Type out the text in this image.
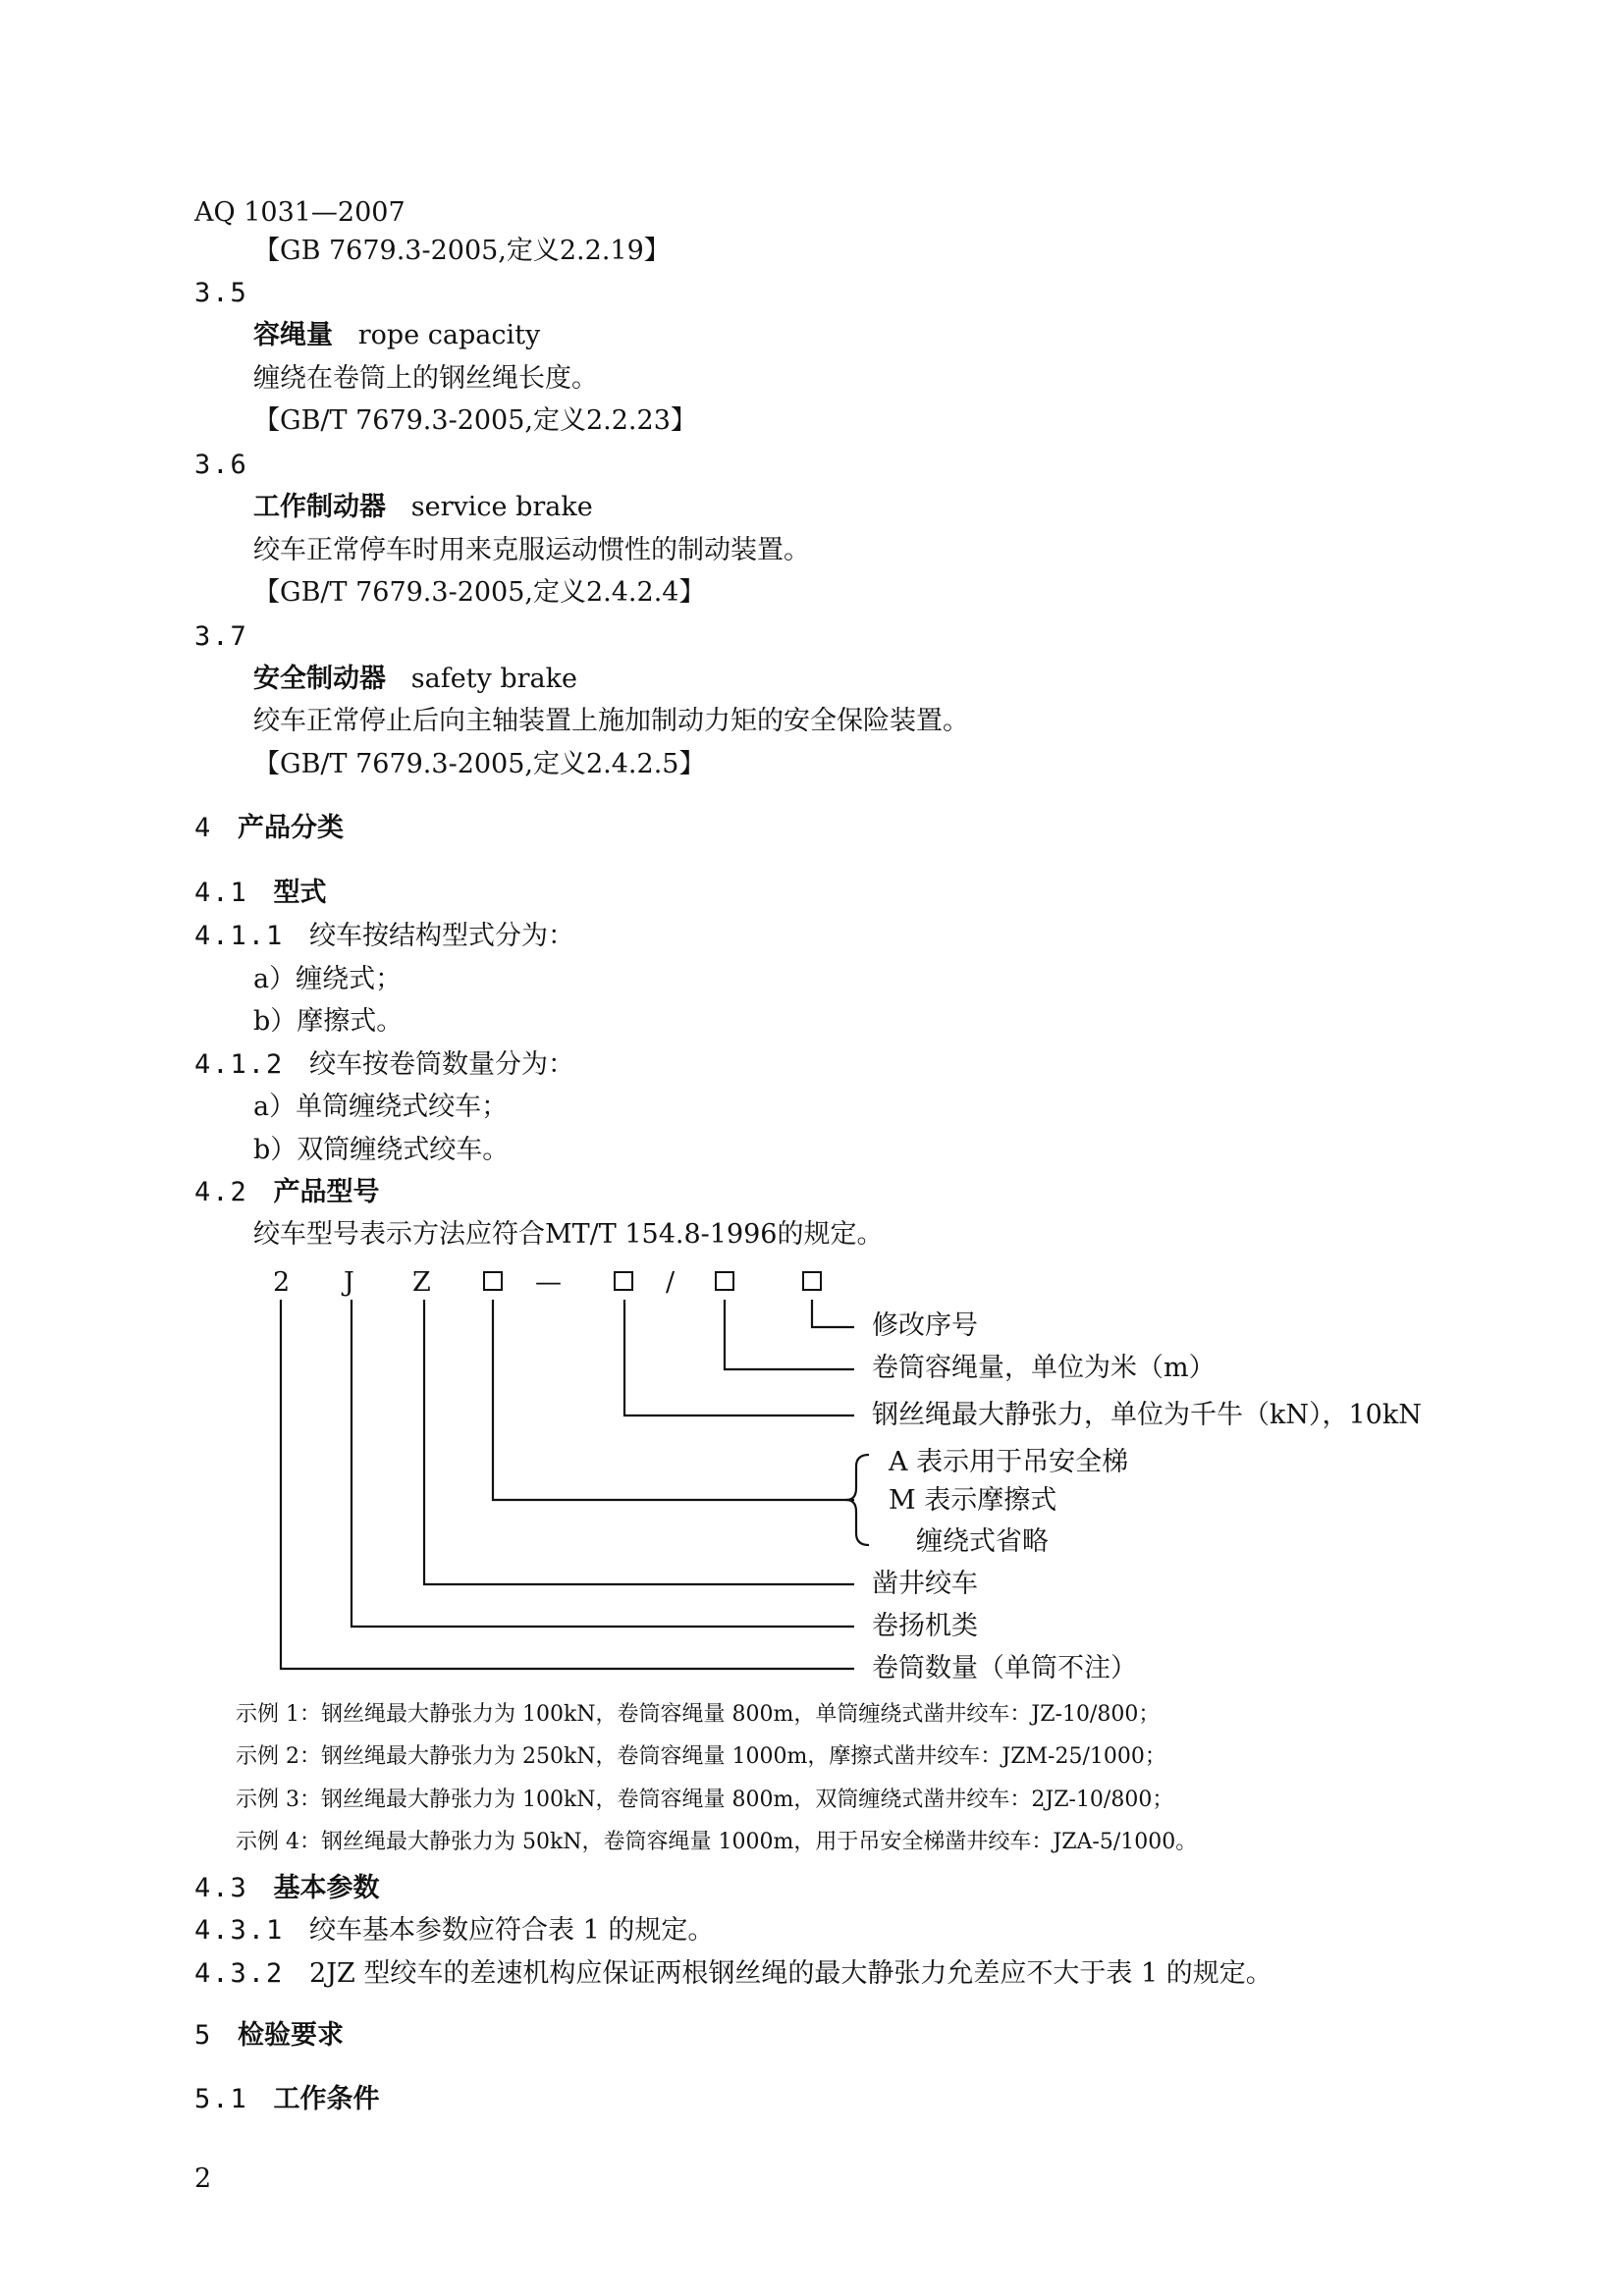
AQ 1031—2007
【GB 7679.3-2005,定义2.2.19】
3.5
容绳量 rope capacity
缠绕在卷筒上的钢丝绳长度。
【GB/T 7679.3-2005,定义2.2.23】
3.6
工作制动器 service brake
绞车正常停车时用来克服运动惯性的制动装置。
【GB/T 7679.3-2005,定义2.4.2.4】
3.7
安全制动器 safety brake
绞车正常停止后向主轴装置上施加制动力矩的安全保险装置。
【GB/T 7679.3-2005,定义2.4.2.5】
4 产品分类
4.1 型式
4.1.1 绞车按结构型式分为：
a）缠绕式；
b）摩擦式。
4.1.2 绞车按卷筒数量分为：
a）单筒缠绕式绞车；
b）双筒缠绕式绞车。
4.2 产品型号
绞车型号表示方法应符合MT/T 154.8-1996的规定。
2 J Z	—	/
修改序号
卷筒容绳量，单位为米（m）
钢丝绳最大静张力，单位为千牛（kN），10kN
A 表示用于吊安全梯
M 表示摩擦式
缠绕式省略
凿井绞车
卷扬机类
卷筒数量（单筒不注）
示例 1：钢丝绳最大静张力为 100kN，卷筒容绳量 800m，单筒缠绕式凿井绞车：JZ-10/800；
示例 2：钢丝绳最大静张力为 250kN，卷筒容绳量 1000m，摩擦式凿井绞车：JZM-25/1000；
示例 3：钢丝绳最大静张力为 100kN，卷筒容绳量 800m，双筒缠绕式凿井绞车：2JZ-10/800；
示例 4：钢丝绳最大静张力为 50kN，卷筒容绳量 1000m，用于吊安全梯凿井绞车：JZA-5/1000。
4.3 基本参数
4.3.1 绞车基本参数应符合表 1 的规定。
4.3.2 2JZ 型绞车的差速机构应保证两根钢丝绳的最大静张力允差应不大于表 1 的规定。
5 检验要求
5.1 工作条件
2
